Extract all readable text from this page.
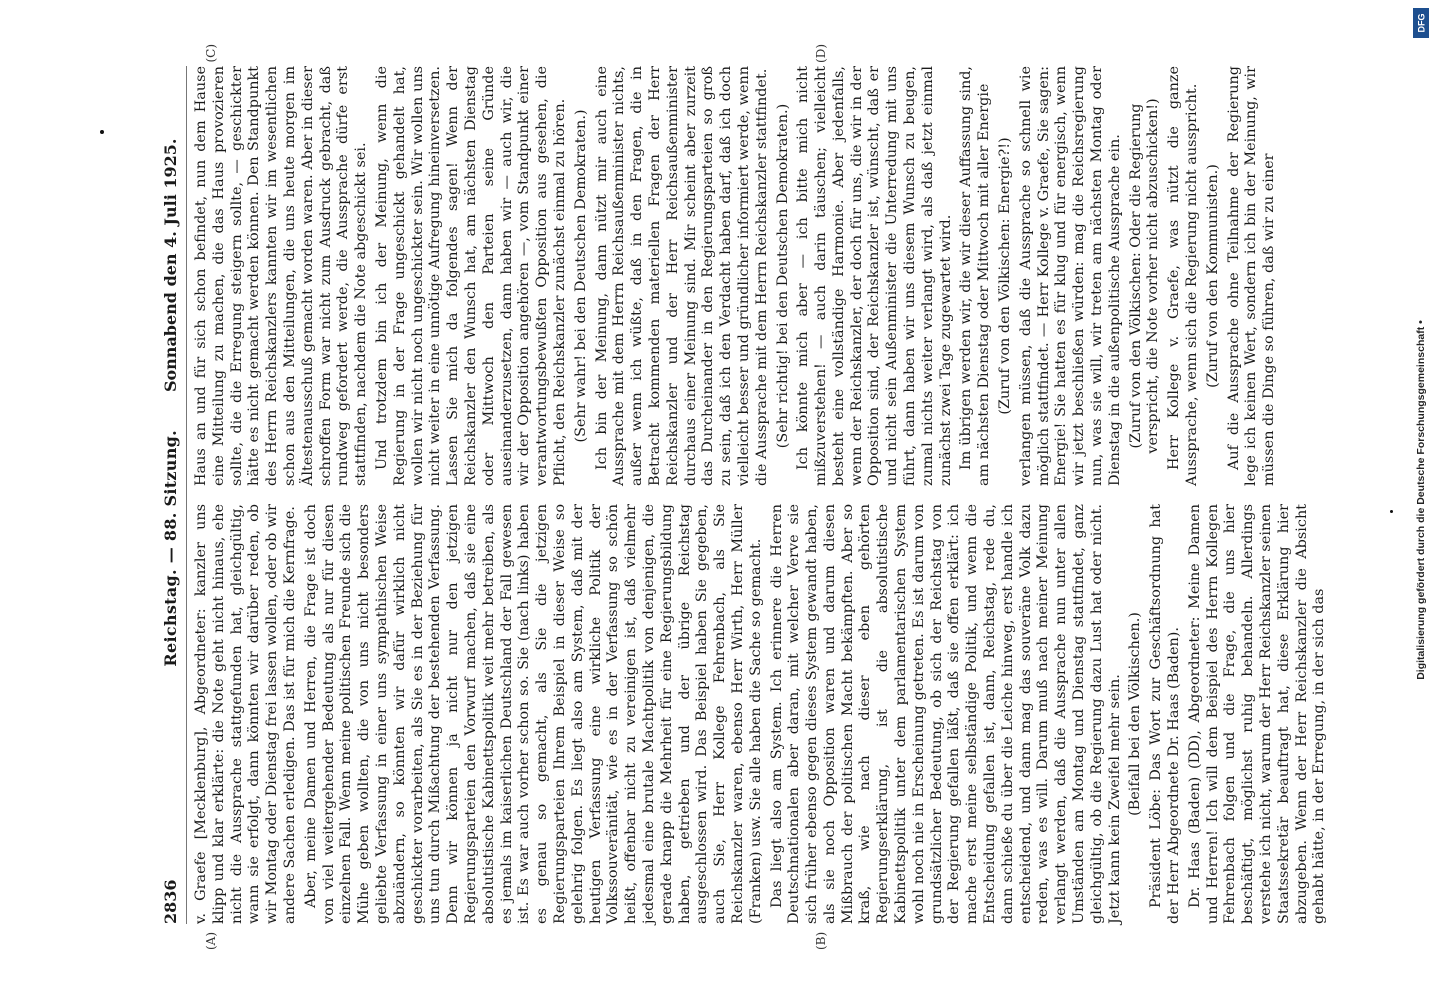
2836
Reichstag. — 88. Sitzung.
Sonnabend den 4. Juli 1925.
(A)	(B)
(C)	(D)

v. Graefe [Mecklenburg], Abgeordneter: kanzler uns klipp und klar erklärte: die Note geht nicht hinaus, ehe nicht die Aussprache stattgefunden hat, gleichgültig, wann sie erfolgt, dann könnten wir darüber reden, ob wir Montag oder Dienstag frei lassen wollen, oder ob wir andere Sachen erledigen. Das ist für mich die Kernfrage. Aber, meine Damen und Herren, die Frage ist doch von viel weitergehender Bedeutung als nur für diesen einzelnen Fall. Wenn meine politischen Freunde sich die Mühe geben wollten, die von uns nicht besonders geliebte Verfassung in einer uns sympathischen Weise abzuändern, so könnten wir dafür wirklich nicht geschickter vorarbeiten, als Sie es in der Beziehung für uns tun durch Mißachtung der bestehenden Verfassung. Denn wir können ja nicht nur den jetzigen Regierungsparteien den Vorwurf machen, daß sie eine absolutistische Kabinettspolitik weit mehr betreiben, als es jemals im kaiserlichen Deutschland der Fall gewesen ist. Es war auch vorher schon so. Sie (nach links) haben es genau so gemacht, als Sie die jetzigen Regierungsparteien Ihrem Beispiel in dieser Weise so gelehrig folgen. Es liegt also am System, daß mit der heutigen Verfassung eine wirkliche Politik der Volkssouveränität, wie es in der Verfassung so schön heißt, offenbar nicht zu vereinigen ist, daß vielmehr jedesmal eine brutale Machtpolitik von denjenigen, die gerade knapp die Mehrheit für eine Regierungsbildung haben, getrieben und der übrige Reichstag ausgeschlossen wird. Das Beispiel haben Sie gegeben, auch Sie, Herr Kollege Fehrenbach, als Sie Reichskanzler waren, ebenso Herr Wirth, Herr Müller (Franken) usw. Sie alle haben die Sache so gemacht. Das liegt also am System. Ich erinnere die Herren Deutschnationalen aber daran, mit welcher Verve sie sich früher ebenso gegen dieses System gewandt haben, als sie noch Opposition waren und darum diesen Mißbrauch der politischen Macht bekämpften. Aber so kraß, wie nach dieser eben gehörten Regierungserklärung, ist die absolutistische Kabinettspolitik unter dem parlamentarischen System wohl noch nie in Erscheinung getreten. Es ist darum von grundsätzlicher Bedeutung, ob sich der Reichstag von der Regierung gefallen läßt, daß sie offen erklärt: ich mache erst meine selbständige Politik, und wenn die Entscheidung gefallen ist, dann, Reichstag, rede du, dann schieße du über die Leiche hinweg, erst handle ich entscheidend, und dann mag das souveräne Volk dazu reden, was es will. Darum muß nach meiner Meinung verlangt werden, daß die Aussprache nun unter allen Umständen am Montag und Dienstag stattfindet, ganz gleichgültig, ob die Regierung dazu Lust hat oder nicht. Jetzt kann kein Zweifel mehr sein. (Beifall bei den Völkischen.) Präsident Löbe: Das Wort zur Geschäftsordnung hat der Herr Abgeordnete Dr. Haas (Baden). Dr. Haas (Baden) (DD), Abgeordneter: Meine Damen und Herren! Ich will dem Beispiel des Herrn Kollegen Fehrenbach folgen und die Frage, die uns hier beschäftigt, möglichst ruhig behandeln. Allerdings verstehe ich nicht, warum der Herr Reichskanzler seinen Staatssekretär beauftragt hat, diese Erklärung hier abzugeben. Wenn der Herr Reichskanzler die Absicht gehabt hätte, in der Erregung, in der sich das

Haus an und für sich schon befindet, nun dem Hause eine Mitteilung zu machen, die das Haus provozieren sollte, die die Erregung steigern sollte, — geschickter hätte es nicht gemacht werden können. Den Standpunkt des Herrn Reichskanzlers kannten wir im wesentlichen schon aus den Mitteilungen, die uns heute morgen im Ältestenausschuß gemacht worden waren. Aber in dieser schroffen Form war nicht zum Ausdruck gebracht, daß rundweg gefordert werde, die Aussprache dürfe erst stattfinden, nachdem die Note abgeschickt sei. Und trotzdem bin ich der Meinung, wenn die Regierung in der Frage ungeschickt gehandelt hat, wollen wir nicht noch ungeschickter sein. Wir wollen uns nicht weiter in eine unnötige Aufregung hineinversetzen. Lassen Sie mich da folgendes sagen! Wenn der Reichskanzler den Wunsch hat, am nächsten Dienstag oder Mittwoch den Parteien seine Gründe auseinanderzusetzen, dann haben wir — auch wir, die wir der Opposition angehören —, vom Standpunkt einer verantwortungsbewußten Opposition aus gesehen, die Pflicht, den Reichskanzler zunächst einmal zu hören. (Sehr wahr! bei den Deutschen Demokraten.) Ich bin der Meinung, dann nützt mir auch eine Aussprache mit dem Herrn Reichsaußenminister nichts, außer wenn ich wüßte, daß in den Fragen, die in Betracht kommenden materiellen Fragen der Herr Reichskanzler und der Herr Reichsaußenminister durchaus einer Meinung sind. Mir scheint aber zurzeit das Durcheinander in den Regierungsparteien so groß zu sein, daß ich den Verdacht haben darf, daß ich doch vielleicht besser und gründlicher informiert werde, wenn die Aussprache mit dem Herrn Reichskanzler stattfindet. (Sehr richtig! bei den Deutschen Demokraten.) Ich könnte mich aber — ich bitte mich nicht mißzuverstehen! — auch darin täuschen; vielleicht besteht eine vollständige Harmonie. Aber jedenfalls, wenn der Reichskanzler, der doch für uns, die wir in der Opposition sind, der Reichskanzler ist, wünscht, daß er und nicht sein Außenminister die Unterredung mit uns führt, dann haben wir uns diesem Wunsch zu beugen, zumal nichts weiter verlangt wird, als daß jetzt einmal zunächst zwei Tage zugewartet wird. Im übrigen werden wir, die wir dieser Auffassung sind, am nächsten Dienstag oder Mittwoch mit aller Energie (Zuruf von den Völkischen: Energie?!) verlangen müssen, daß die Aussprache so schnell wie möglich stattfindet. — Herr Kollege v. Graefe, Sie sagen: Energie! Sie hatten es für klug und für energisch, wenn wir jetzt beschließen würden: mag die Reichsregierung nun, was sie will, wir treten am nächsten Montag oder Dienstag in die außenpolitische Aussprache ein. (Zuruf von den Völkischen: Oder die Regierung verspricht, die Note vorher nicht abzuschicken!) Herr Kollege v. Graefe, was nützt die ganze Aussprache, wenn sich die Regierung nicht ausspricht. (Zuruf von den Kommunisten.) Auf die Aussprache ohne Teilnahme der Regierung lege ich keinen Wert, sondern ich bin der Meinung, wir müssen die Dinge so führen, daß wir zu einer

DFG
Digitalisierung gefördert durch die Deutsche Forschungsgemeinschaft •
